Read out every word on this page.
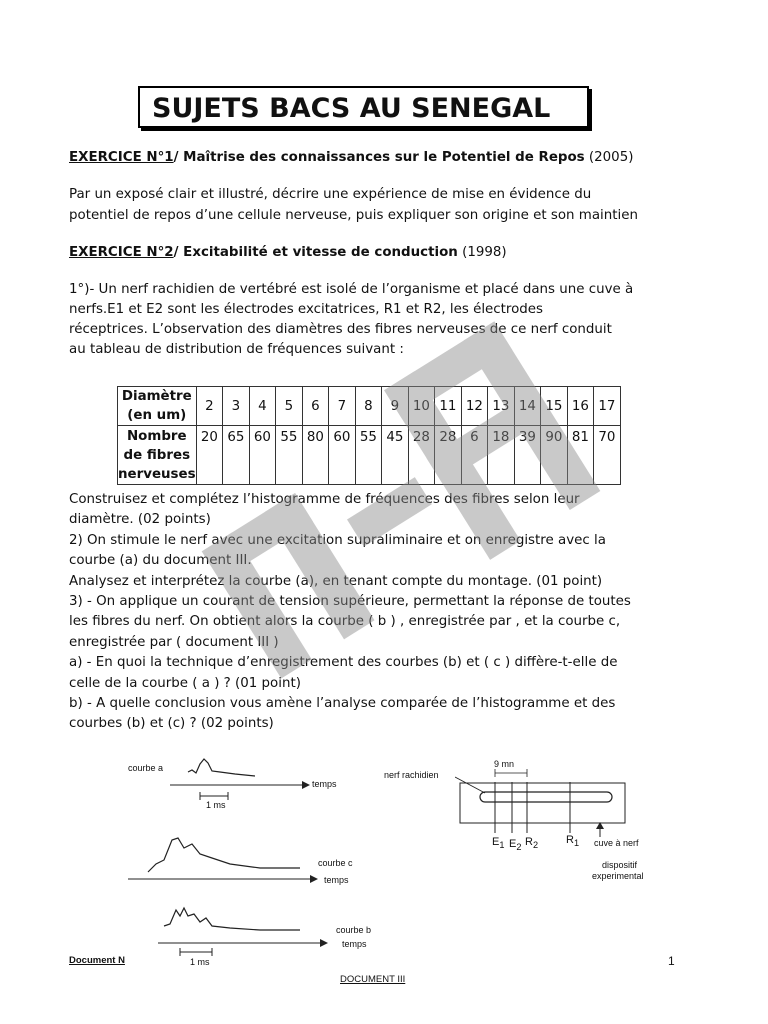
SUJETS BACS AU SENEGAL
EXERCICE N°1/ Maîtrise des connaissances sur le Potentiel de Repos (2005)
Par un exposé clair et illustré, décrire une expérience de mise en évidence du
potentiel de repos d’une cellule nerveuse, puis expliquer son origine et son maintien
EXERCICE N°2/ Excitabilité et vitesse de conduction (1998)
1°)- Un nerf rachidien de vertébré est isolé de l’organisme et placé dans une cuve à
nerfs.E1 et E2 sont les électrodes excitatrices, R1 et R2, les électrodes
réceptrices. L’observation des diamètres des fibres nerveuses de ce nerf conduit
au tableau de distribution de fréquences suivant :
Diamètre
(en um)	2	3	4	5	6	7	8	9	10	11	12	13	14	15	16	17

Nombre
de fibres
nerveuses	20	65	60	55	80	60	55	45	28	28	6	18	39	90	81	70
Construisez et complétez l’histogramme de fréquences des fibres selon leur
diamètre. (02 points)
2) On stimule le nerf avec une excitation supraliminaire et on enregistre avec la
courbe (a) du document III.
Analysez et interprétez la courbe (a), en tenant compte du montage. (01 point)
3) - On applique un courant de tension supérieure, permettant la réponse de toutes
les fibres du nerf. On obtient alors la courbe ( b ) , enregistrée par , et la courbe c,
enregistrée par ( document III )
a) - En quoi la technique d’enregistrement des courbes (b) et ( c ) diffère-t-elle de
celle de la courbe ( a ) ? (01 point)
b) - A quelle conclusion vous amène l’analyse comparée de l’histogramme et des
courbes (b) et (c) ? (02 points)
courbe a
temps
1 ms
courbe c
temps
courbe b
temps
1 ms
nerf rachidien
9 mn
$E_1$ $E_2$ $R_2$	$R_1$ cuve à nerf
dispositif
experimental
Document N	1
DOCUMENT III
